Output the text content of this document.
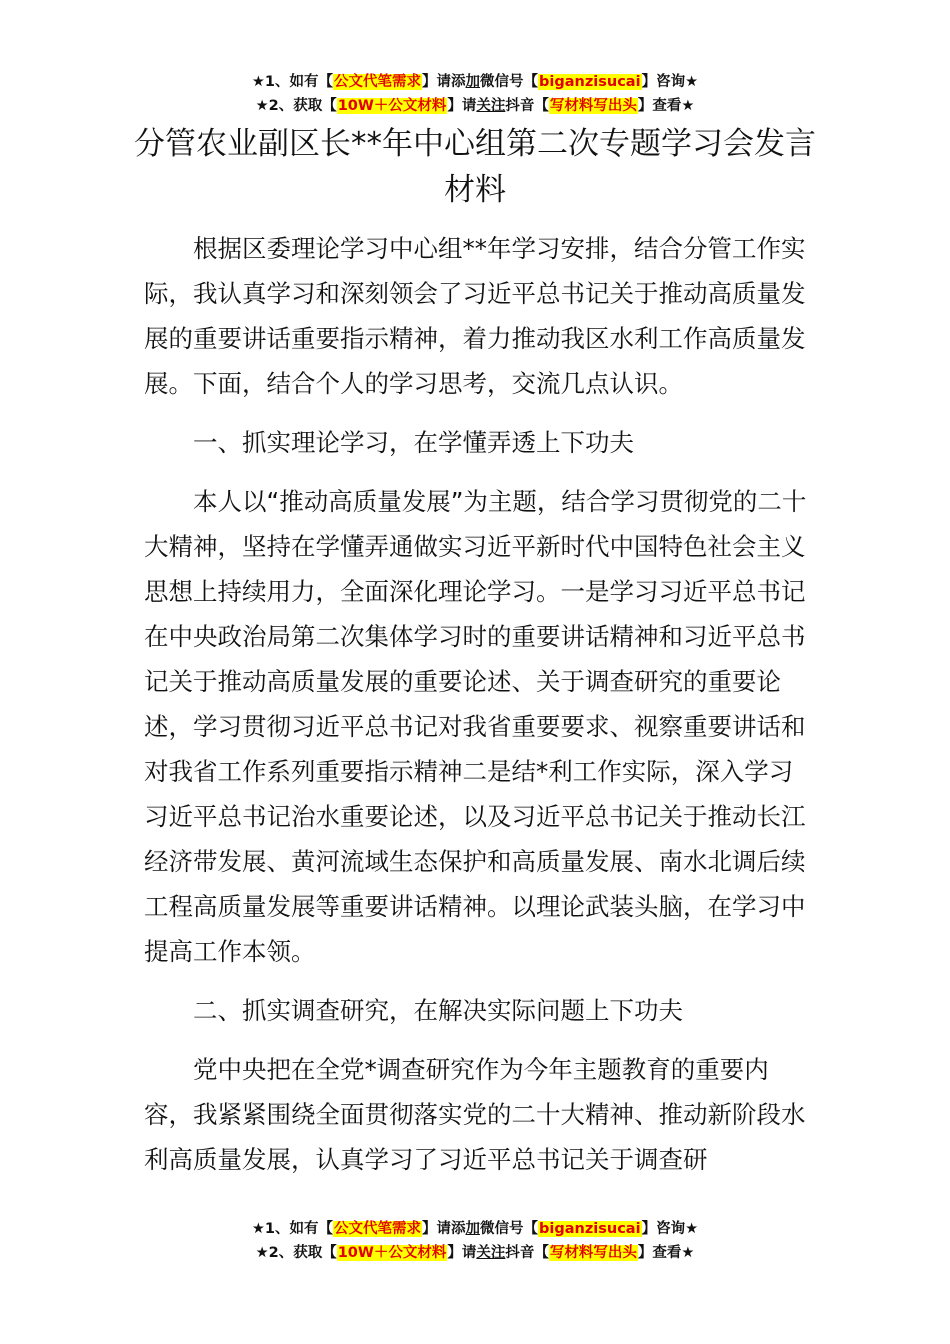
★1、如有【公文代笔需求】请添加微信号【biganzisucai】咨询★
★2、获取【10W＋公文材料】请关注抖音【写材料写出头】查看★
分管农业副区长**年中心组第二次专题学习会发言材料

根据区委理论学习中心组**年学习安排，结合分管工作实际，我认真学习和深刻领会了习近平总书记关于推动高质量发展的重要讲话重要指示精神，着力推动我区水利工作高质量发展。下面，结合个人的学习思考，交流几点认识。

一、抓实理论学习，在学懂弄透上下功夫

本人以“推动高质量发展”为主题，结合学习贯彻党的二十大精神，坚持在学懂弄通做实习近平新时代中国特色社会主义思想上持续用力，全面深化理论学习。一是学习习近平总书记在中央政治局第二次集体学习时的重要讲话精神和习近平总书记关于推动高质量发展的重要论述、关于调查研究的重要论述，学习贯彻习近平总书记对我省重要要求、视察重要讲话和对我省工作系列重要指示精神二是结*利工作实际，深入学习习近平总书记治水重要论述，以及习近平总书记关于推动长江经济带发展、黄河流域生态保护和高质量发展、南水北调后续工程高质量发展等重要讲话精神。以理论武装头脑，在学习中提高工作本领。

二、抓实调查研究，在解决实际问题上下功夫

党中央把在全党*调查研究作为今年主题教育的重要内容，我紧紧围绕全面贯彻落实党的二十大精神、推动新阶段水利高质量发展，认真学习了习近平总书记关于调查研

★1、如有【公文代笔需求】请添加微信号【biganzisucai】咨询★
★2、获取【10W＋公文材料】请关注抖音【写材料写出头】查看★
